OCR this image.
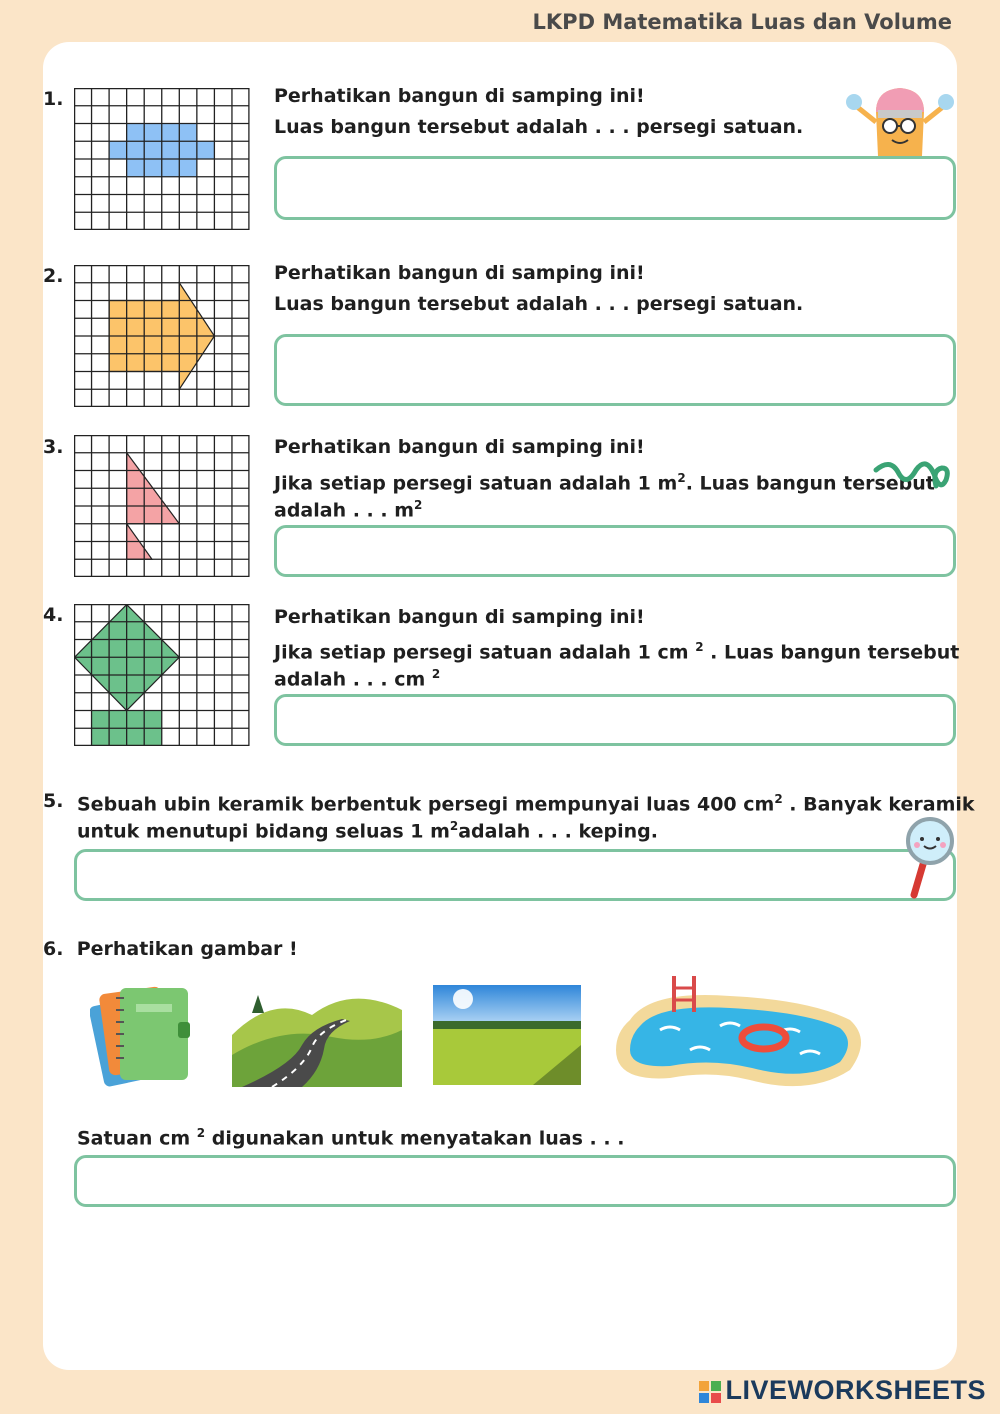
LKPD Matematika Luas dan Volume
1.	Perhatikan bangun di samping ini!
Luas bangun tersebut adalah . . . persegi satuan.
2.	Perhatikan bangun di samping ini!
Luas bangun tersebut adalah . . . persegi satuan.
3.	Perhatikan bangun di samping ini!
Jika setiap persegi satuan adalah 1 $m^2$. Luas bangun tersebut
adalah . . . $m^2$
4.	Perhatikan bangun di samping ini!
Jika setiap persegi satuan adalah 1 cm $^2$ . Luas bangun tersebut
adalah . . . cm $^2$
5. Sebuah ubin keramik berbentuk persegi mempunyai luas 400 $cm^2$ . Banyak keramik
untuk menutupi bidang seluas 1 $m^2adalah$ . . . keping.
6. Perhatikan gambar !
Satuan cm $^2$ digunakan untuk menyatakan luas . . .
LIVEWORKSHEETS
